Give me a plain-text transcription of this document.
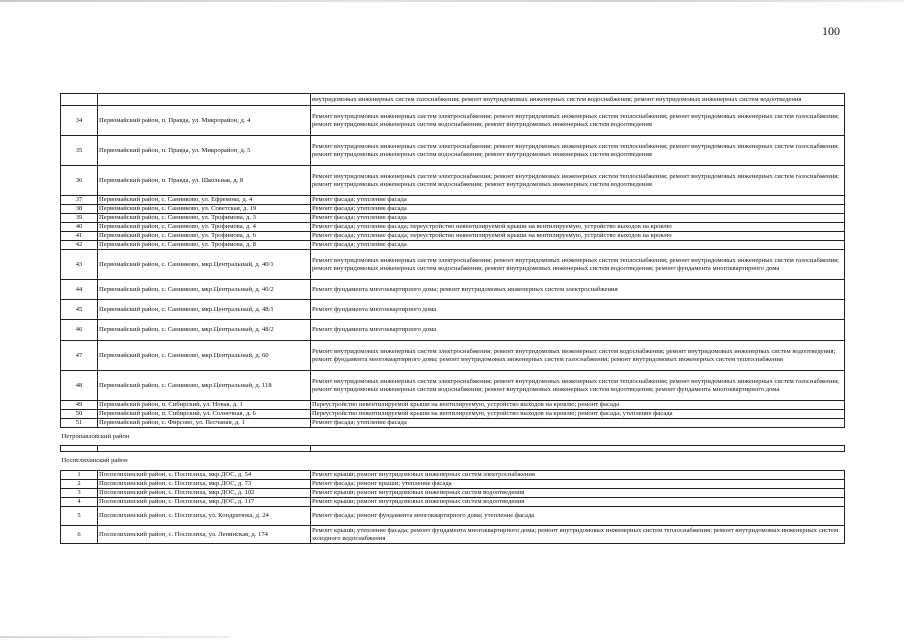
100
		внутридомовых инженерных систем газоснабжения; ремонт внутридомовых инженерных систем водоснабжения; ремонт внутридомовых инженерных систем водоотведения
34	Первомайский район, п. Правда, ул. Микрорайон, д. 4	Ремонт внутридомовых инженерных систем электроснабжения; ремонт внутридомовых инженерных систем теплоснабжения; ремонт внутридомовых инженерных систем газоснабжения; ремонт внутридомовых инженерных систем водоснабжения; ремонт внутридомовых инженерных систем водоотведения
35	Первомайский район, п. Правда, ул. Микрорайон, д. 5	Ремонт внутридомовых инженерных систем электроснабжения; ремонт внутридомовых инженерных систем теплоснабжения; ремонт внутридомовых инженерных систем газоснабжения; ремонт внутридомовых инженерных систем водоснабжения; ремонт внутридомовых инженерных систем водоотведения
36	Первомайский район, п. Правда, ул. Школьная, д. 8	Ремонт внутридомовых инженерных систем электроснабжения; ремонт внутридомовых инженерных систем теплоснабжения; ремонт внутридомовых инженерных систем газоснабжения; ремонт внутридомовых инженерных систем водоснабжения; ремонт внутридомовых инженерных систем водоотведения
37	Первомайский район, с. Санниково, ул. Ефремова, д. 4	Ремонт фасада; утепление фасада
38	Первомайский район, с. Санниково, ул. Советская, д. 19	Ремонт фасада; утепление фасада
39	Первомайский район, с. Санниково, ул. Трофимова, д. 3	Ремонт фасада; утепление фасада
40	Первомайский район, с. Санниково, ул. Трофимова, д. 4	Ремонт фасада; утепление фасада; переустройство невентилируемой крыши на вентилируемую, устройство выходов на кровлю
41	Первомайский район, с. Санниково, ул. Трофимова, д. 6	Ремонт фасада; утепление фасада; переустройство невентилируемой крыши на вентилируемую, устройство выходов на кровлю
42	Первомайский район, с. Санниково, ул. Трофимова, д. 8	Ремонт фасада; утепление фасада
43	Первомайский район, с. Санниково, мкр.Центральный, д. 40/1	Ремонт внутридомовых инженерных систем электроснабжения; ремонт внутридомовых инженерных систем теплоснабжения; ремонт внутридомовых инженерных систем газоснабжения; ремонт внутридомовых инженерных систем водоснабжения; ремонт внутридомовых инженерных систем водоотведения; ремонт фундамента многоквартирного дома
44	Первомайский район, с. Санниково, мкр.Центральный, д. 40/2	Ремонт фундамента многоквартирного дома; ремонт внутридомовых инженерных систем электроснабжения
45	Первомайский район, с. Санниково, мкр.Центральный, д. 48/1	Ремонт фундамента многоквартирного дома
46	Первомайский район, с. Санниково, мкр.Центральный, д. 48/2	Ремонт фундамента многоквартирного дома
47	Первомайский район, с. Санниково, мкр.Центральный, д. 60	Ремонт внутридомовых инженерных систем электроснабжения; ремонт внутридомовых инженерных систем водоснабжения; ремонт внутридомовых инженерных систем водоотведения; ремонт фундамента многоквартирного дома; ремонт внутридомовых инженерных систем газоснабжения; ремонт внутридомовых инженерных систем теплоснабжения
48	Первомайский район, с. Санниково, мкр.Центральный, д. 118	Ремонт внутридомовых инженерных систем электроснабжения; ремонт внутридомовых инженерных систем теплоснабжения; ремонт внутридомовых инженерных систем газоснабжения; ремонт внутридомовых инженерных систем водоснабжения; ремонт внутридомовых инженерных систем водоотведения; ремонт фундамента многоквартирного дома
49	Первомайский район, п. Сибирский, ул. Новая, д. 1	Переустройство невентилируемой крыши на вентилируемую, устройство выходов на кровлю; ремонт фасада
50	Первомайский район, п. Сибирский, ул. Солнечная, д. 6	Переустройство невентилируемой крыши на вентилируемую, устройство выходов на кровлю; ремонт фасада; утепление фасада
51	Первомайский район, с. Фирсово, ул. Песчаная, д. 1	Ремонт фасада; утепление фасада
Петропавловский район		

Поспелихинский район		
1	Поспелихинский район, с. Поспелиха, мкр.ДОС, д. 54	Ремонт крыши; ремонт внутридомовых инженерных систем электроснабжения
2	Поспелихинский район, с. Поспелиха, мкр.ДОС, д. 73	Ремонт фасада; ремонт крыши; утепление фасада
3	Поспелихинский район, с. Поспелиха, мкр.ДОС, д. 102	Ремонт крыши; ремонт внутридомовых инженерных систем водоотведения
4	Поспелихинский район, с. Поспелиха, мкр.ДОС, д. 117	Ремонт крыши; ремонт внутридомовых инженерных систем водоотведения
5	Поспелихинский район, с. Поспелиха, ул. Кондратюка, д. 24	Ремонт фасада; ремонт фундамента многоквартирного дома; утепление фасада
6	Поспелихинский район, с. Поспелиха, ул. Ленинская, д. 174	Ремонт крыши; утепление фасада; ремонт фундамента многоквартирного дома; ремонт внутридомовых инженерных систем теплоснабжения; ремонт внутридомовых инженерных систем холодного водоснабжения
